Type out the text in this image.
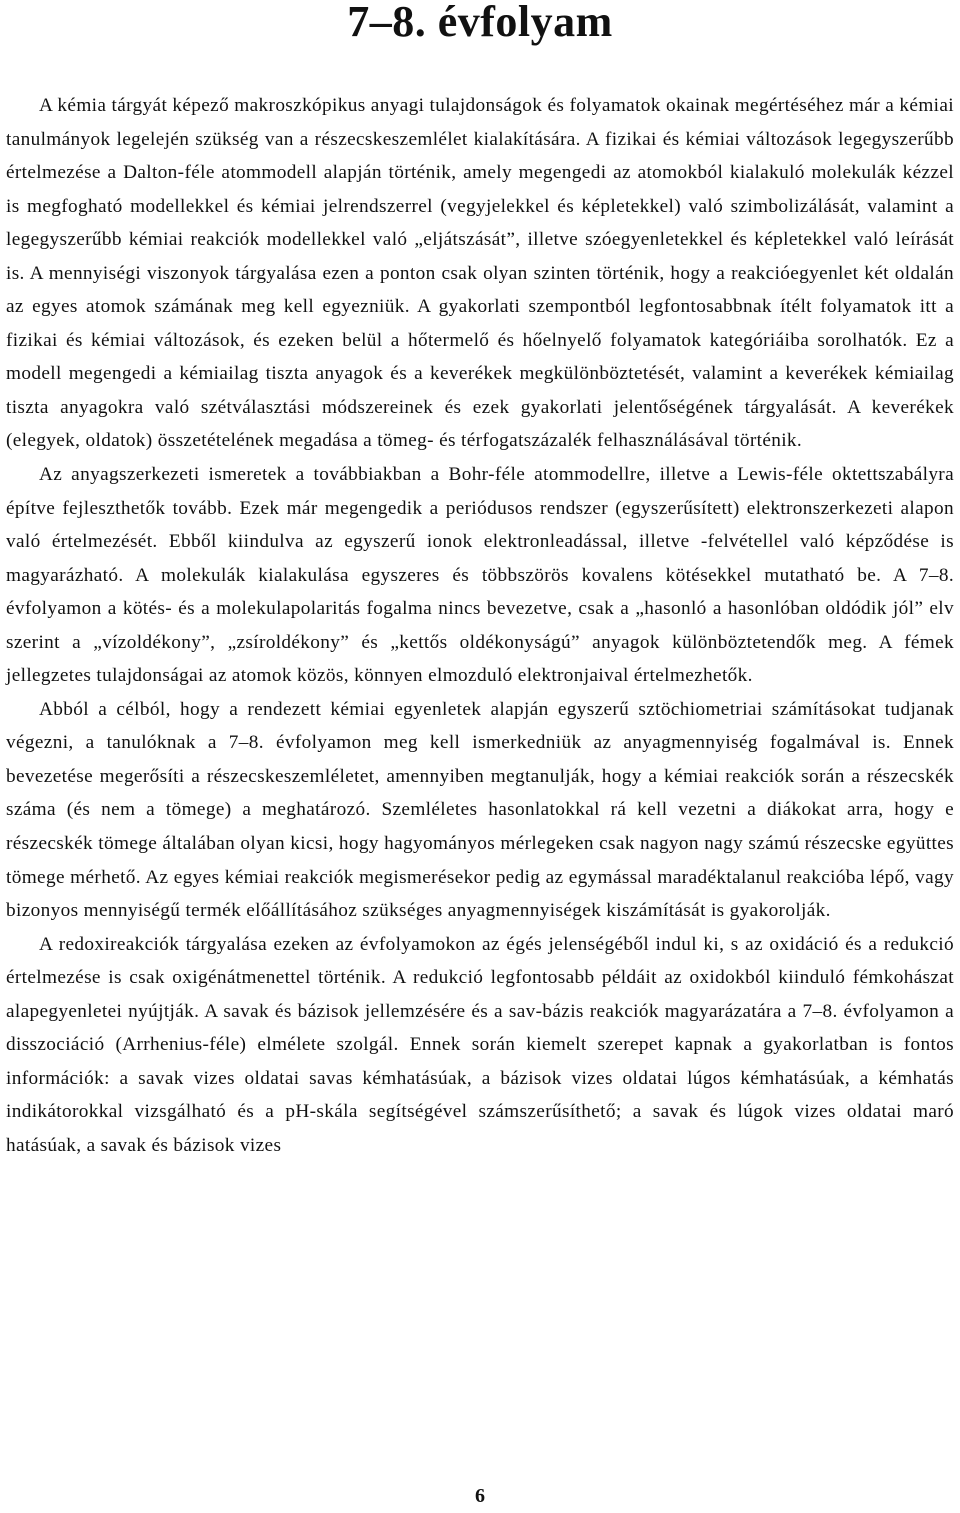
7–8. évfolyam

A kémia tárgyát képező makroszkópikus anyagi tulajdonságok és folyamatok okainak megértéséhez már a kémiai tanulmányok legelején szükség van a részecskeszemlélet kialakítására. A fizikai és kémiai változások legegyszerűbb értelmezése a Dalton-féle atommodell alapján történik, amely megengedi az atomokból kialakuló molekulák kézzel is megfogható modellekkel és kémiai jelrendszerrel (vegyjelekkel és képletekkel) való szimbolizálását, valamint a legegyszerűbb kémiai reakciók modellekkel való „eljátszását”, illetve szóegyenletekkel és képletekkel való leírását is. A mennyiségi viszonyok tárgyalása ezen a ponton csak olyan szinten történik, hogy a reakcióegyenlet két oldalán az egyes atomok számának meg kell egyezniük. A gyakorlati szempontból legfontosabbnak ítélt folyamatok itt a fizikai és kémiai változások, és ezeken belül a hőtermelő és hőelnyelő folyamatok kategóriáiba sorolhatók. Ez a modell megengedi a kémiailag tiszta anyagok és a keverékek megkülönböztetését, valamint a keverékek kémiailag tiszta anyagokra való szétválasztási módszereinek és ezek gyakorlati jelentőségének tárgyalását. A keverékek (elegyek, oldatok) összetételének megadása a tömeg- és térfogatszázalék felhasználásával történik.

Az anyagszerkezeti ismeretek a továbbiakban a Bohr-féle atommodellre, illetve a Lewis-féle oktettszabályra építve fejleszthetők tovább. Ezek már megengedik a periódusos rendszer (egyszerűsített) elektronszerkezeti alapon való értelmezését. Ebből kiindulva az egyszerű ionok elektronleadással, illetve -felvétellel való képződése is magyarázható. A molekulák kialakulása egyszeres és többszörös kovalens kötésekkel mutatható be. A 7–8. évfolyamon a kötés- és a molekulapolaritás fogalma nincs bevezetve, csak a „hasonló a hasonlóban oldódik jól” elv szerint a „vízoldékony”, „zsíroldékony” és „kettős oldékonyságú” anyagok különböztetendők meg. A fémek jellegzetes tulajdonságai az atomok közös, könnyen elmozduló elektronjaival értelmezhetők.

Abból a célból, hogy a rendezett kémiai egyenletek alapján egyszerű sztöchiometriai számításokat tudjanak végezni, a tanulóknak a 7–8. évfolyamon meg kell ismerkedniük az anyagmennyiség fogalmával is. Ennek bevezetése megerősíti a részecskeszemléletet, amennyiben megtanulják, hogy a kémiai reakciók során a részecskék száma (és nem a tömege) a meghatározó. Szemléletes hasonlatokkal rá kell vezetni a diákokat arra, hogy e részecskék tömege általában olyan kicsi, hogy hagyományos mérlegeken csak nagyon nagy számú részecske együttes tömege mérhető. Az egyes kémiai reakciók megismerésekor pedig az egymással maradéktalanul reakcióba lépő, vagy bizonyos mennyiségű termék előállításához szükséges anyagmennyiségek kiszámítását is gyakorolják.

A redoxireakciók tárgyalása ezeken az évfolyamokon az égés jelenségéből indul ki, s az oxidáció és a redukció értelmezése is csak oxigénátmenettel történik. A redukció legfontosabb példáit az oxidokból kiinduló fémkohászat alapegyenletei nyújtják. A savak és bázisok jellemzésére és a sav-bázis reakciók magyarázatára a 7–8. évfolyamon a disszociáció (Arrhenius-féle) elmélete szolgál. Ennek során kiemelt szerepet kapnak a gyakorlatban is fontos információk: a savak vizes oldatai savas kémhatásúak, a bázisok vizes oldatai lúgos kémhatásúak, a kémhatás indikátorokkal vizsgálható és a pH-skála segítségével számszerűsíthető; a savak és lúgok vizes oldatai maró hatásúak, a savak és bázisok vizes

6
